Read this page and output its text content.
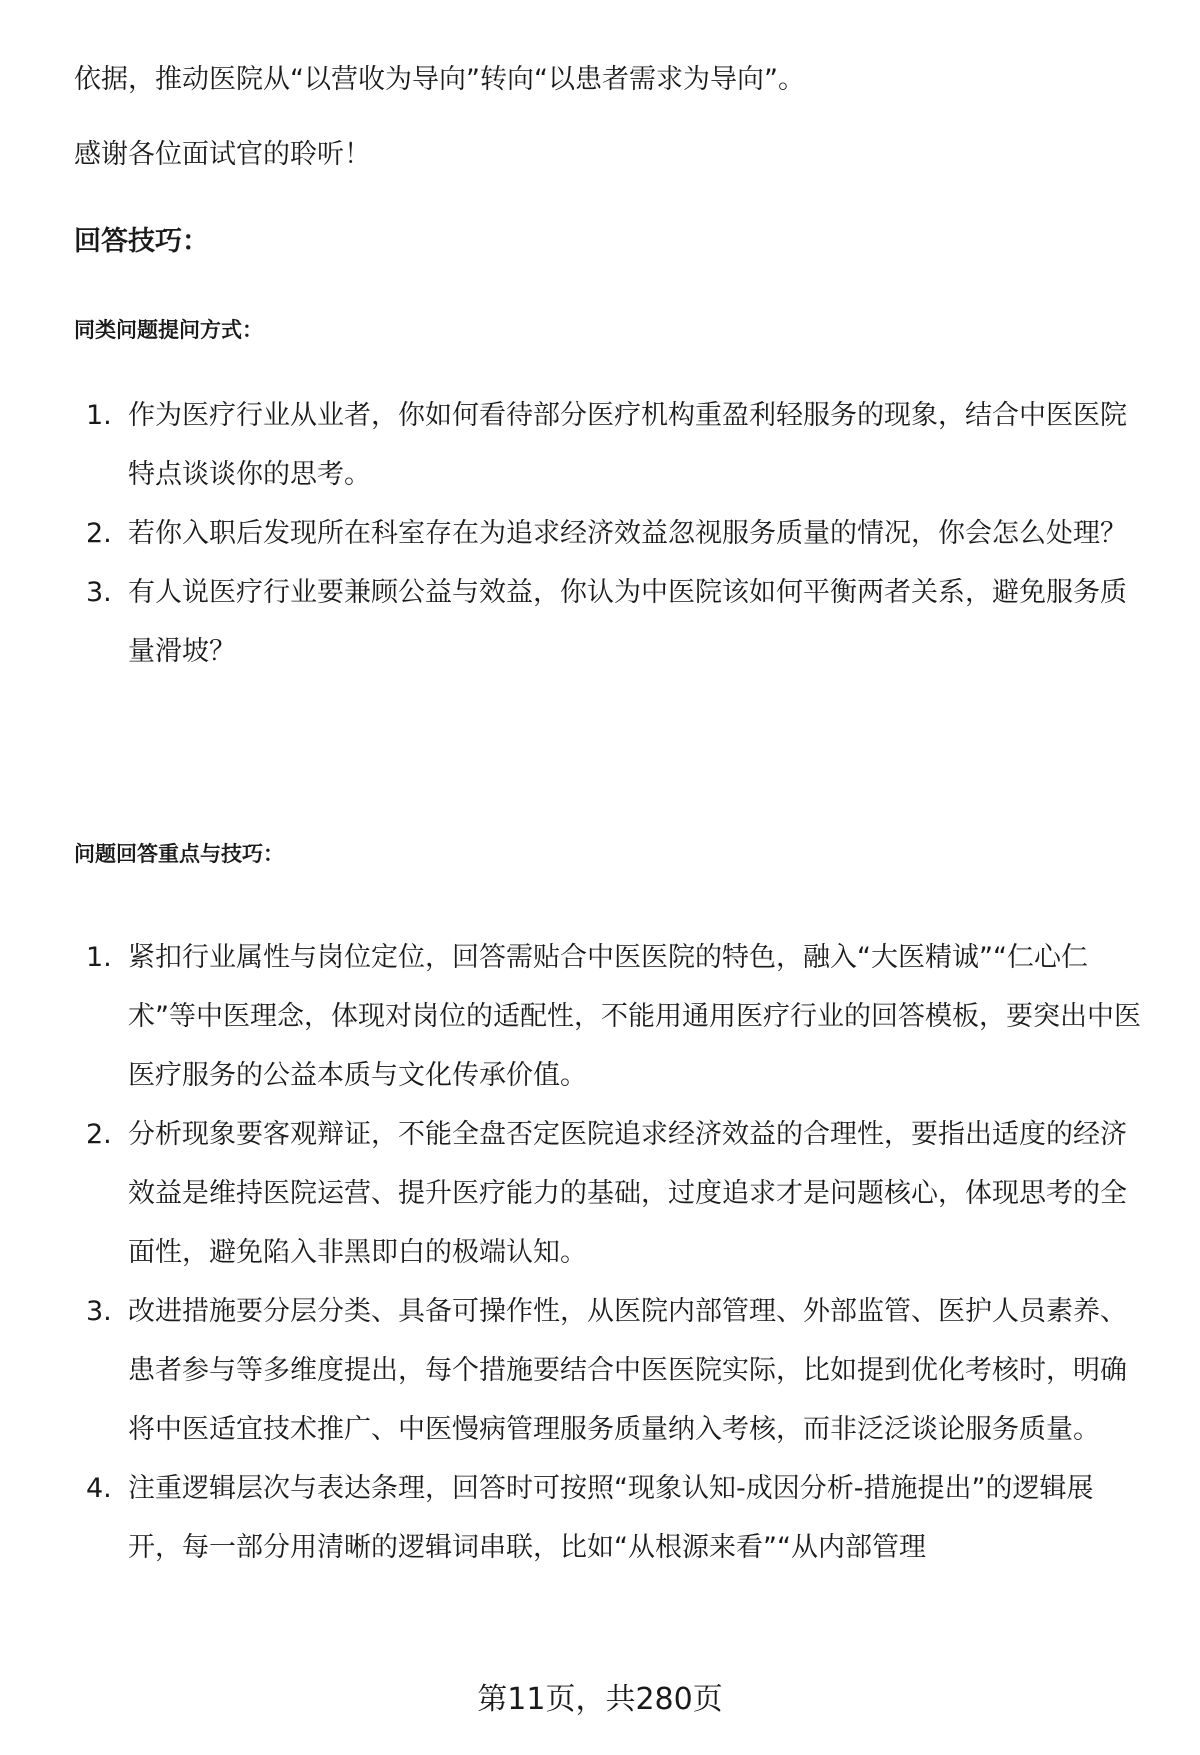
​

依据，推动医院从“以营收为导向”转向“以患者需求为导向”。

感谢各位面试官的聆听！

回答技巧：
同类问题提问方式：
1. 作为医疗行业从业者，你如何看待部分医疗机构重盈利轻服务的现象，结合中医医院特点谈谈你的思考。
2. 若你入职后发现所在科室存在为追求经济效益忽视服务质量的情况，你会怎么处理？
3. 有人说医疗行业要兼顾公益与效益，你认为中医院该如何平衡两者关系，避免服务质量滑坡？
问题回答重点与技巧：
1. 紧扣行业属性与岗位定位，回答需贴合中医医院的特色，融入“大医精诚”“仁心仁术”等中医理念，体现对岗位的适配性，不能用通用医疗行业的回答模板，要突出中医医疗服务的公益本质与文化传承价值。
2. 分析现象要客观辩证，不能全盘否定医院追求经济效益的合理性，要指出适度的经济效益是维持医院运营、提升医疗能力的基础，过度追求才是问题核心，体现思考的全面性，避免陷入非黑即白的极端认知。
3. 改进措施要分层分类、具备可操作性，从医院内部管理、外部监管、医护人员素养、患者参与等多维度提出，每个措施要结合中医医院实际，比如提到优化考核时，明确将中医适宜技术推广、中医慢病管理服务质量纳入考核，而非泛泛谈论服务质量。
4. 注重逻辑层次与表达条理，回答时可按照“现象认知-成因分析-措施提出”的逻辑展开，每一部分用清晰的逻辑词串联，比如“从根源来看”“从内部管理
第11页，共280页
